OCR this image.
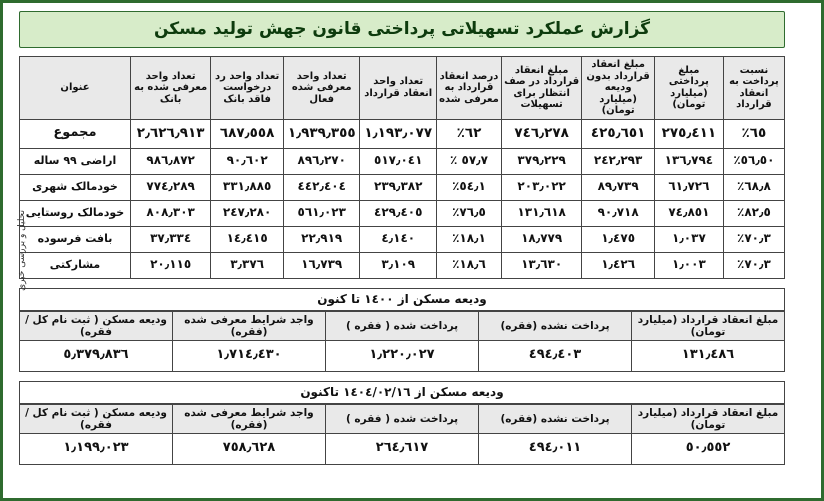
تحلیل و بررسی خبری
گزارش عملکرد تسهیلاتی پرداختی قانون جهش تولید مسکن
نسبت پرداخت به انعقاد قرارداد	مبلغ پرداختی (میلیارد تومان)	مبلغ انعقاد قرارداد بدون ودیعه (میلیارد تومان)	مبلغ انعقاد قرارداد در صف انتظار برای تسهیلات	درصد انعقاد قرارداد به معرفی شده	تعداد واحد انعقاد قرارداد	تعداد واحد معرفی شده فعال	تعداد واحد رد درخواست فاقد بانک	تعداد واحد معرفی شده به بانک	عنوان
٦٥٪	٢٧٥٫٤١١	٤٢٥٫٦٥١	٧٤٦٫٢٧٨	٦٢٪	١٫١٩٣٫٠٧٧	١٫٩٣٩٫٣٥٥	٦٨٧٫٥٥٨	٢٫٦٢٦٫٩١٣	مجموع
٥٦٫٥٠٪	١٣٦٫٧٩٤	٢٤٢٫٢٩٣	٣٧٩٫٢٢٩	٥٧٫٧ ٪	٥١٧٫٠٤١	٨٩٦٫٢٧٠	٩٠٫٦٠٢	٩٨٦٫٨٧٢	اراضی ٩٩ ساله
٦٨٫٨٪	٦١٫٧٢٦	٨٩٫٧٣٩	٢٠٣٫٠٢٢	٥٤٫١٪	٢٣٩٫٣٨٢	٤٤٢٫٤٠٤	٣٣١٫٨٨٥	٧٧٤٫٢٨٩	خودمالک شهری
٨٢٫٥٪	٧٤٫٨٥١	٩٠٫٧١٨	١٣١٫٦١٨	٧٦٫٥٪	٤٢٩٫٤٠٥	٥٦١٫٠٢٣	٢٤٧٫٢٨٠	٨٠٨٫٣٠٣	خودمالک روستایی
٧٠٫٣٪	١٫٠٣٧	١٫٤٧٥	١٨٫٧٧٩	١٨٫١٪	٤٫١٤٠	٢٢٫٩١٩	١٤٫٤١٥	٣٧٫٣٣٤	بافت فرسوده
٧٠٫٣٪	١٫٠٠٣	١٫٤٢٦	١٣٫٦٣٠	١٨٫٦٪	٣٫١٠٩	١٦٫٧٣٩	٣٫٣٧٦	٢٠٫١١٥	مشارکتی
ودیعه مسکن از ١٤٠٠ تا کنون
مبلغ انعقاد قرارداد (میلیارد تومان)	پرداخت نشده (فقره)	پرداخت شده ( فقره )	واجد شرایط معرفی شده (فقره)	ودیعه مسکن ( ثبت نام کل /فقره)
١٣١٫٤٨٦	٤٩٤٫٤٠٣	١٫٢٢٠٫٠٢٧	١٫٧١٤٫٤٣٠	٥٫٣٧٩٫٨٣٦
ودیعه مسکن از ١٤٠٤/٠٢/١٦ تاکنون
مبلغ انعقاد قرارداد (میلیارد تومان)	پرداخت نشده (فقره)	پرداخت شده ( فقره )	واجد شرایط معرفی شده (فقره)	ودیعه مسکن ( ثبت نام کل /فقره)
٥٠٫٥٥٢	٤٩٤٫٠١١	٢٦٤٫٦١٧	٧٥٨٫٦٢٨	١٫١٩٩٫٠٢٣
